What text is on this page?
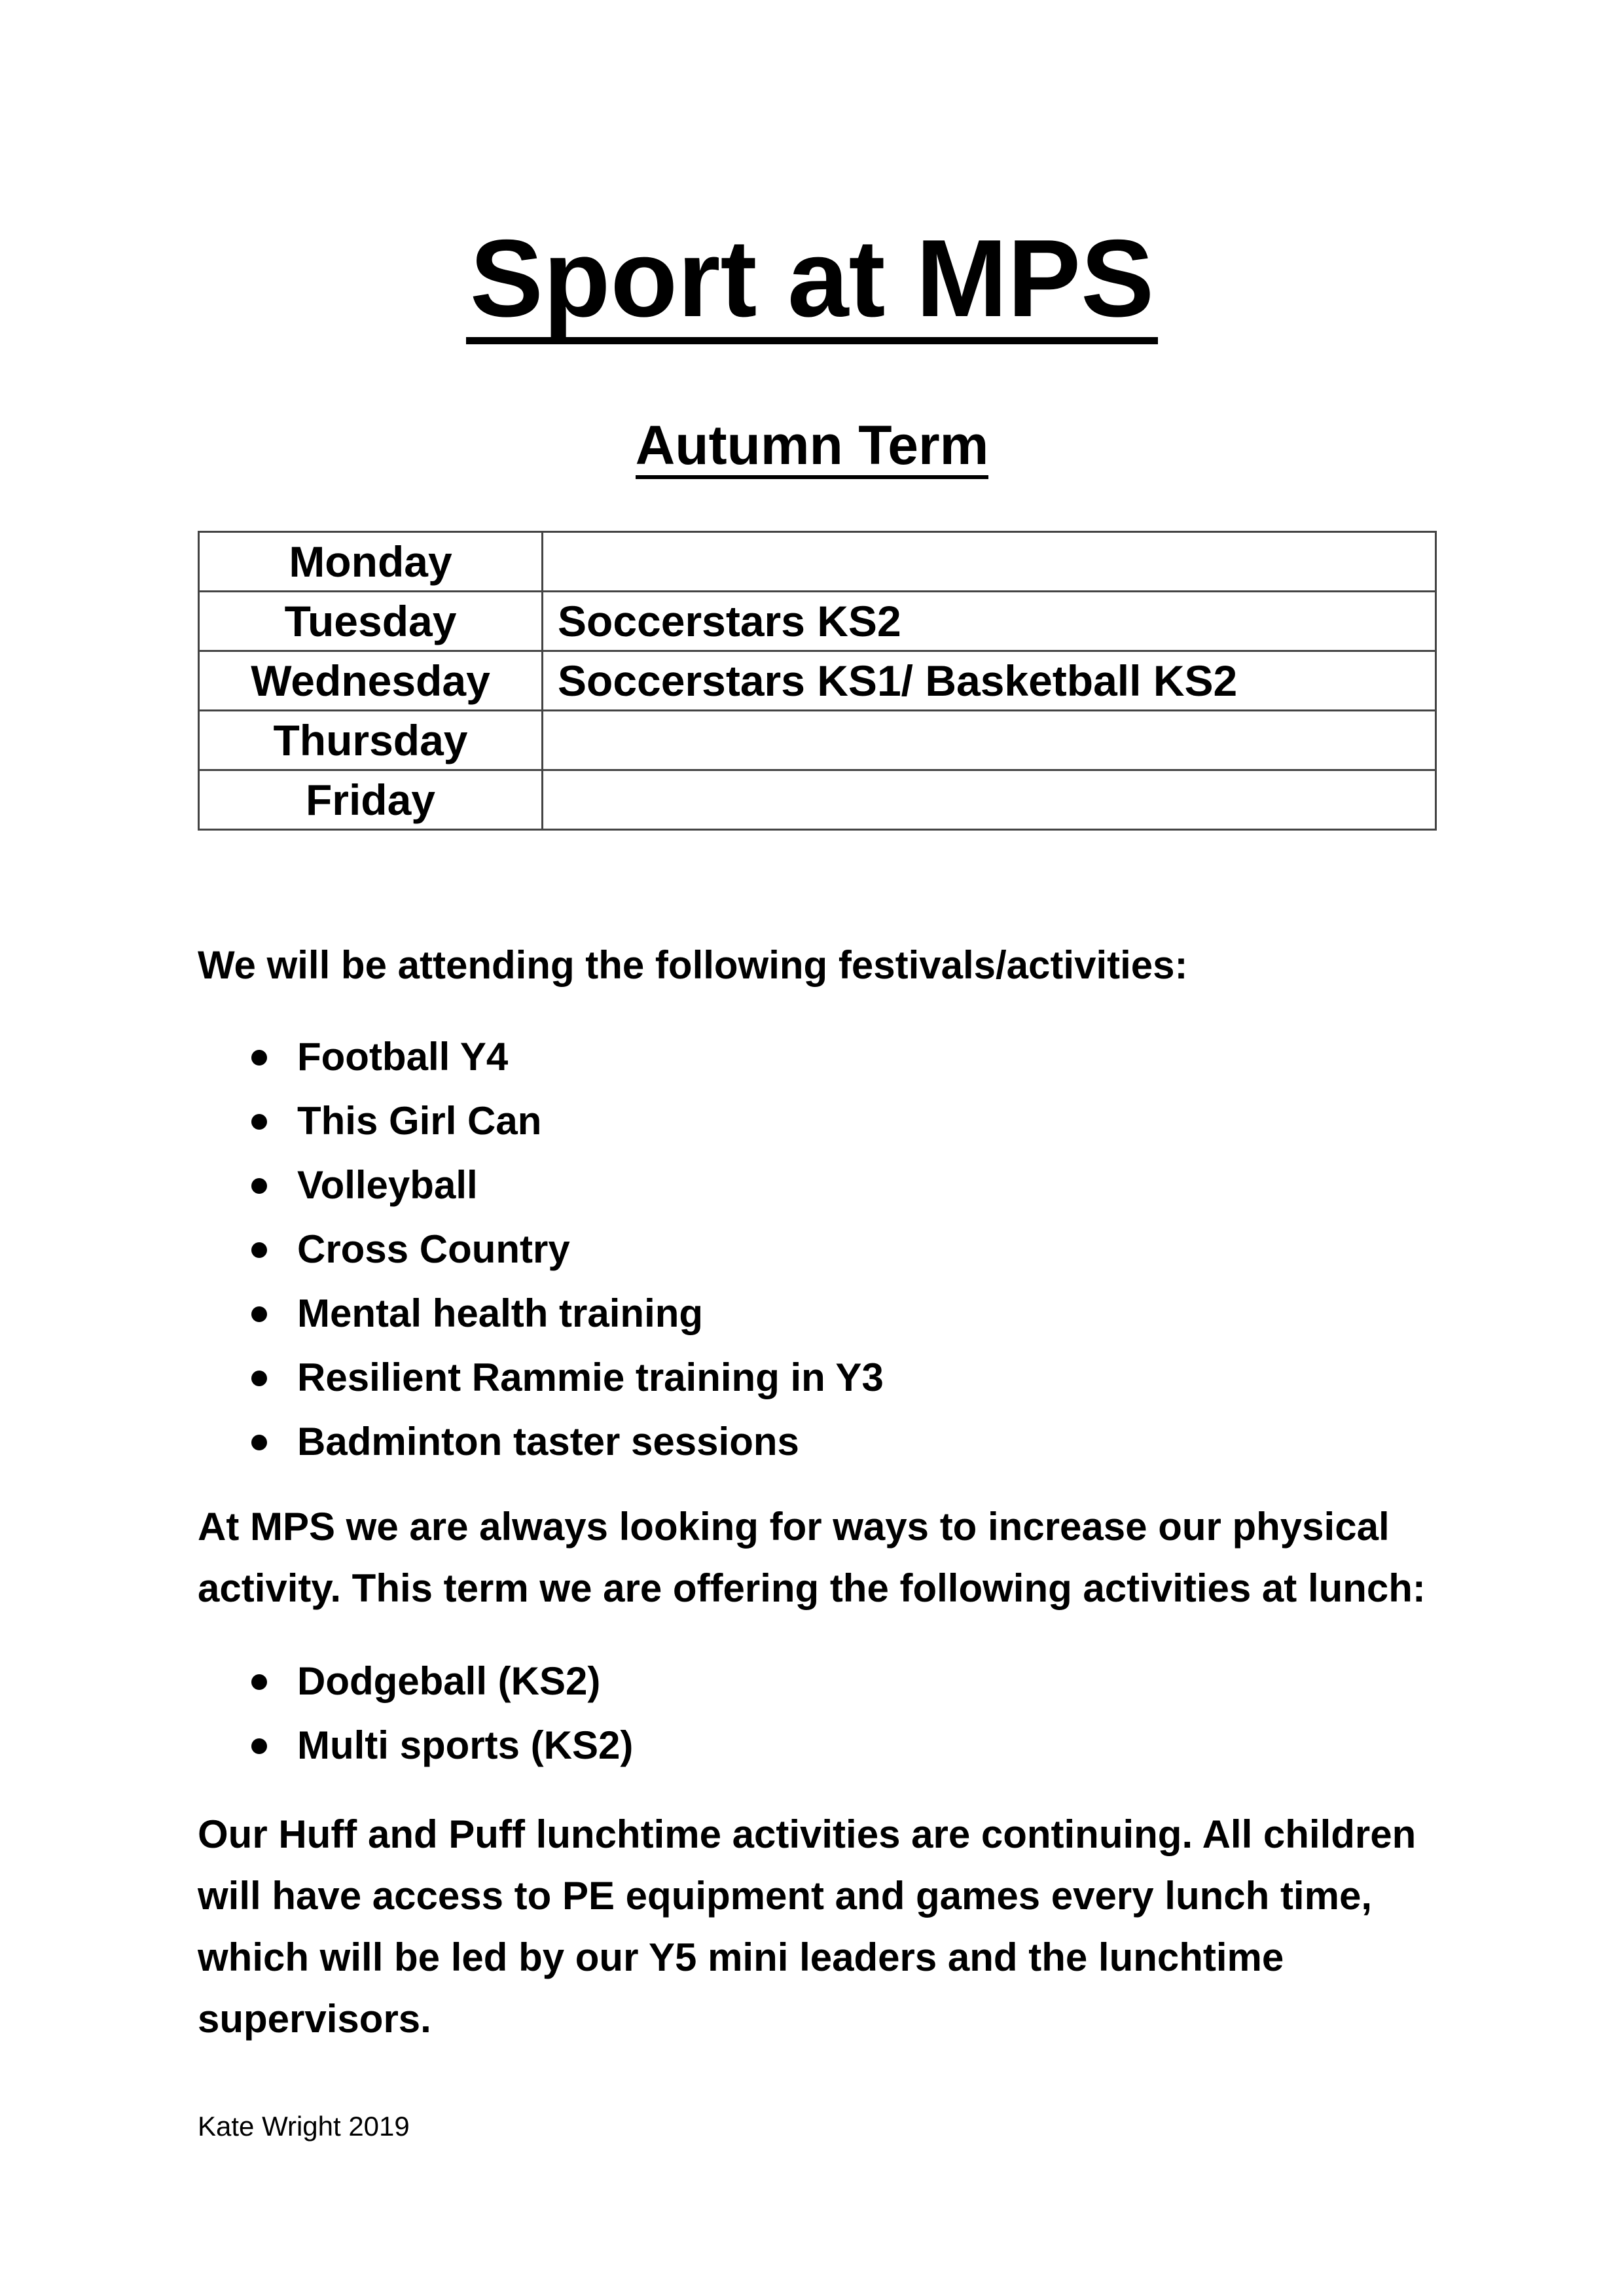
Sport at MPS
Autumn Term
Monday	
Tuesday	Soccerstars KS2
Wednesday	Soccerstars KS1/ Basketball KS2
Thursday	
Friday	

We will be attending the following festivals/activities:

Football Y4
This Girl Can
Volleyball
Cross Country
Mental health training
Resilient Rammie training in Y3
Badminton taster sessions

At MPS we are always looking for ways to increase our physical activity. This term we are offering the following activities at lunch:

Dodgeball (KS2)
Multi sports (KS2)

Our Huff and Puff lunchtime activities are continuing. All children will have access to PE equipment and games every lunch time, which will be led by our Y5 mini leaders and the lunchtime supervisors.

Kate Wright 2019
